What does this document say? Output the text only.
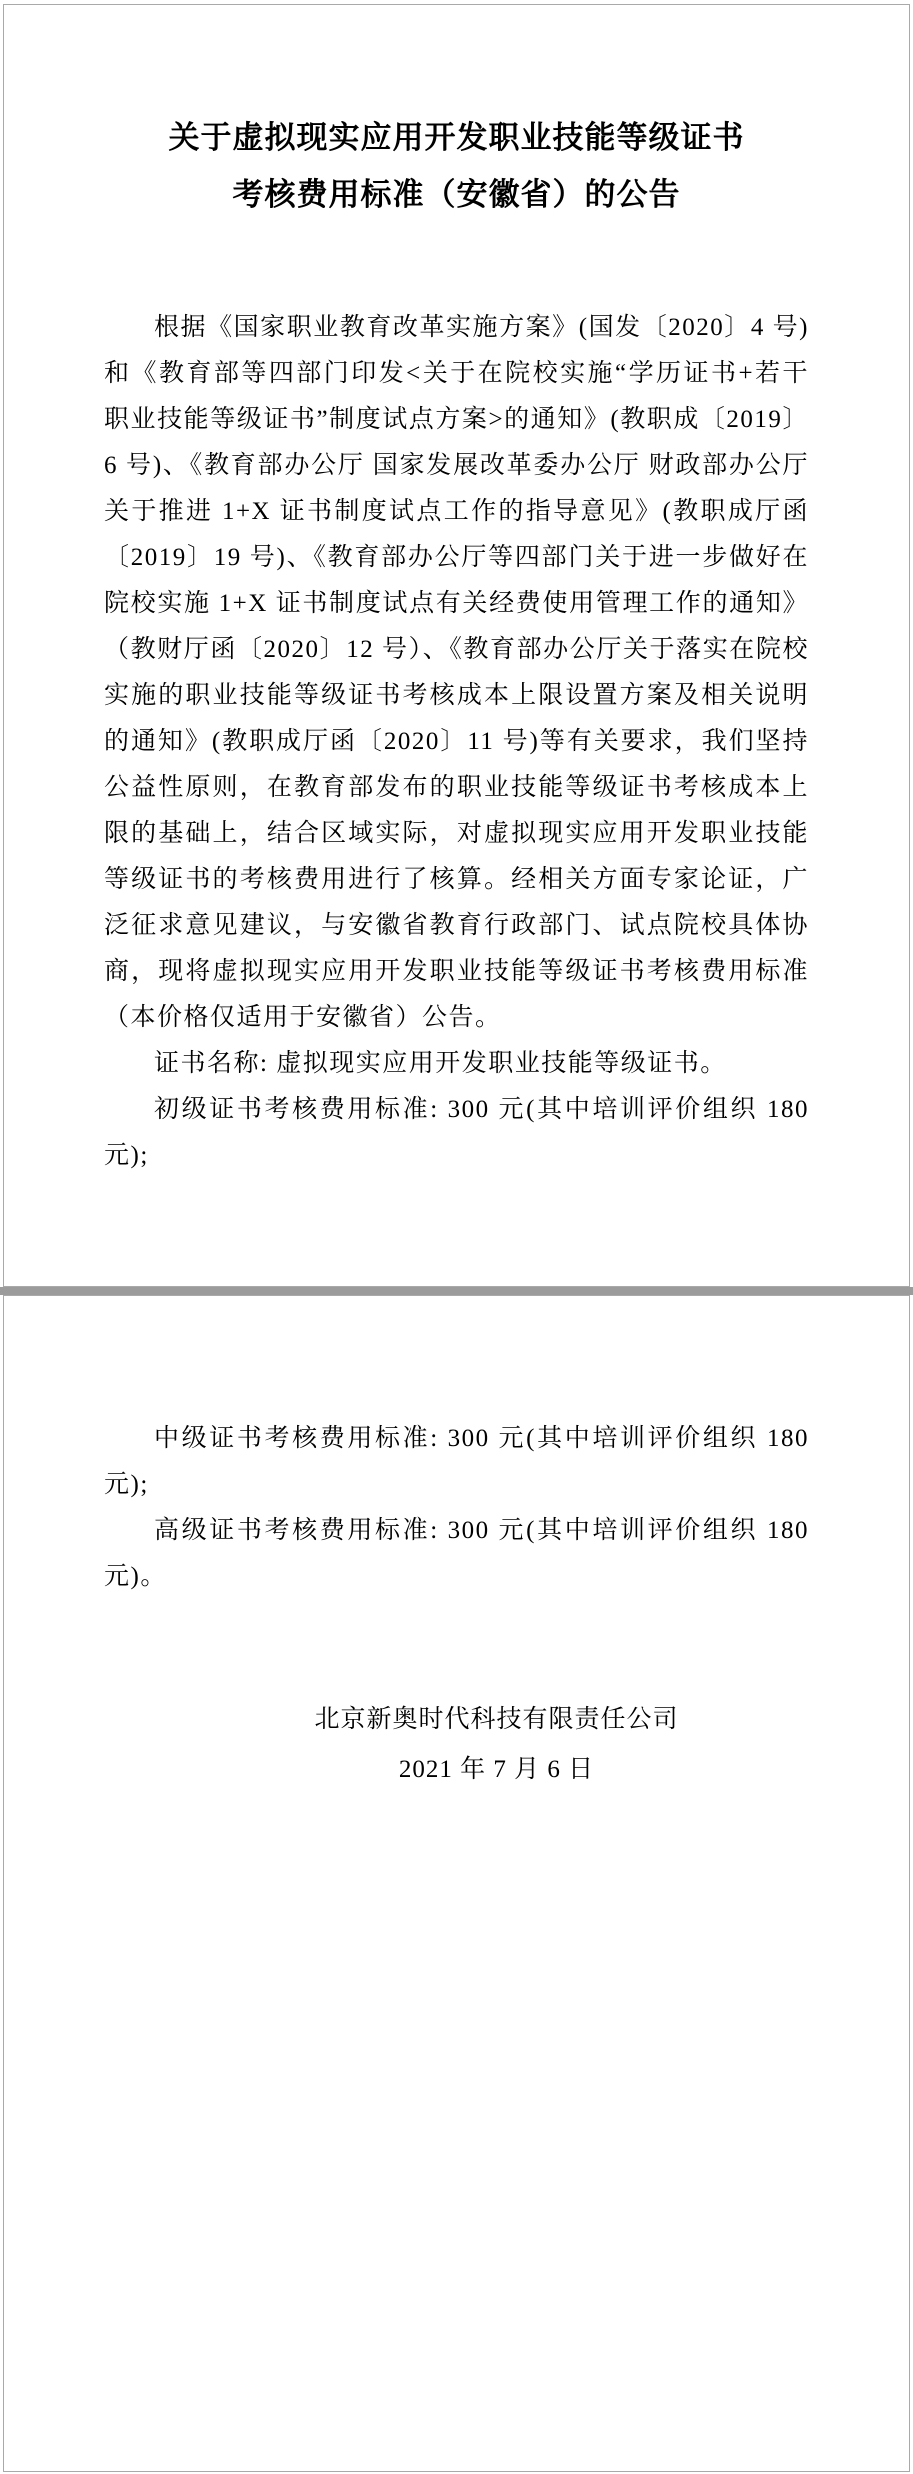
关于虚拟现实应用开发职业技能等级证书
考核费用标准（安徽省）的公告

根据《国家职业教育改革实施方案》(国发〔2020〕4 号)和《教育部等四部门印发<关于在院校实施“学历证书+若干职业技能等级证书”制度试点方案>的通知》(教职成〔2019〕6 号)、《教育部办公厅 国家发展改革委办公厅 财政部办公厅关于推进 1+X 证书制度试点工作的指导意见》(教职成厅函〔2019〕19 号)、《教育部办公厅等四部门关于进一步做好在院校实施 1+X 证书制度试点有关经费使用管理工作的通知》（教财厅函〔2020〕12 号）、《教育部办公厅关于落实在院校实施的职业技能等级证书考核成本上限设置方案及相关说明的通知》(教职成厅函〔2020〕11 号)等有关要求，我们坚持公益性原则，在教育部发布的职业技能等级证书考核成本上限的基础上，结合区域实际，对虚拟现实应用开发职业技能等级证书的考核费用进行了核算。经相关方面专家论证，广泛征求意见建议，与安徽省教育行政部门、试点院校具体协商，现将虚拟现实应用开发职业技能等级证书考核费用标准（本价格仅适用于安徽省）公告。

证书名称: 虚拟现实应用开发职业技能等级证书。

初级证书考核费用标准: 300 元(其中培训评价组织 180 元);

中级证书考核费用标准: 300 元(其中培训评价组织 180 元);

高级证书考核费用标准: 300 元(其中培训评价组织 180 元)。

北京新奥时代科技有限责任公司
2021 年 7 月 6 日
